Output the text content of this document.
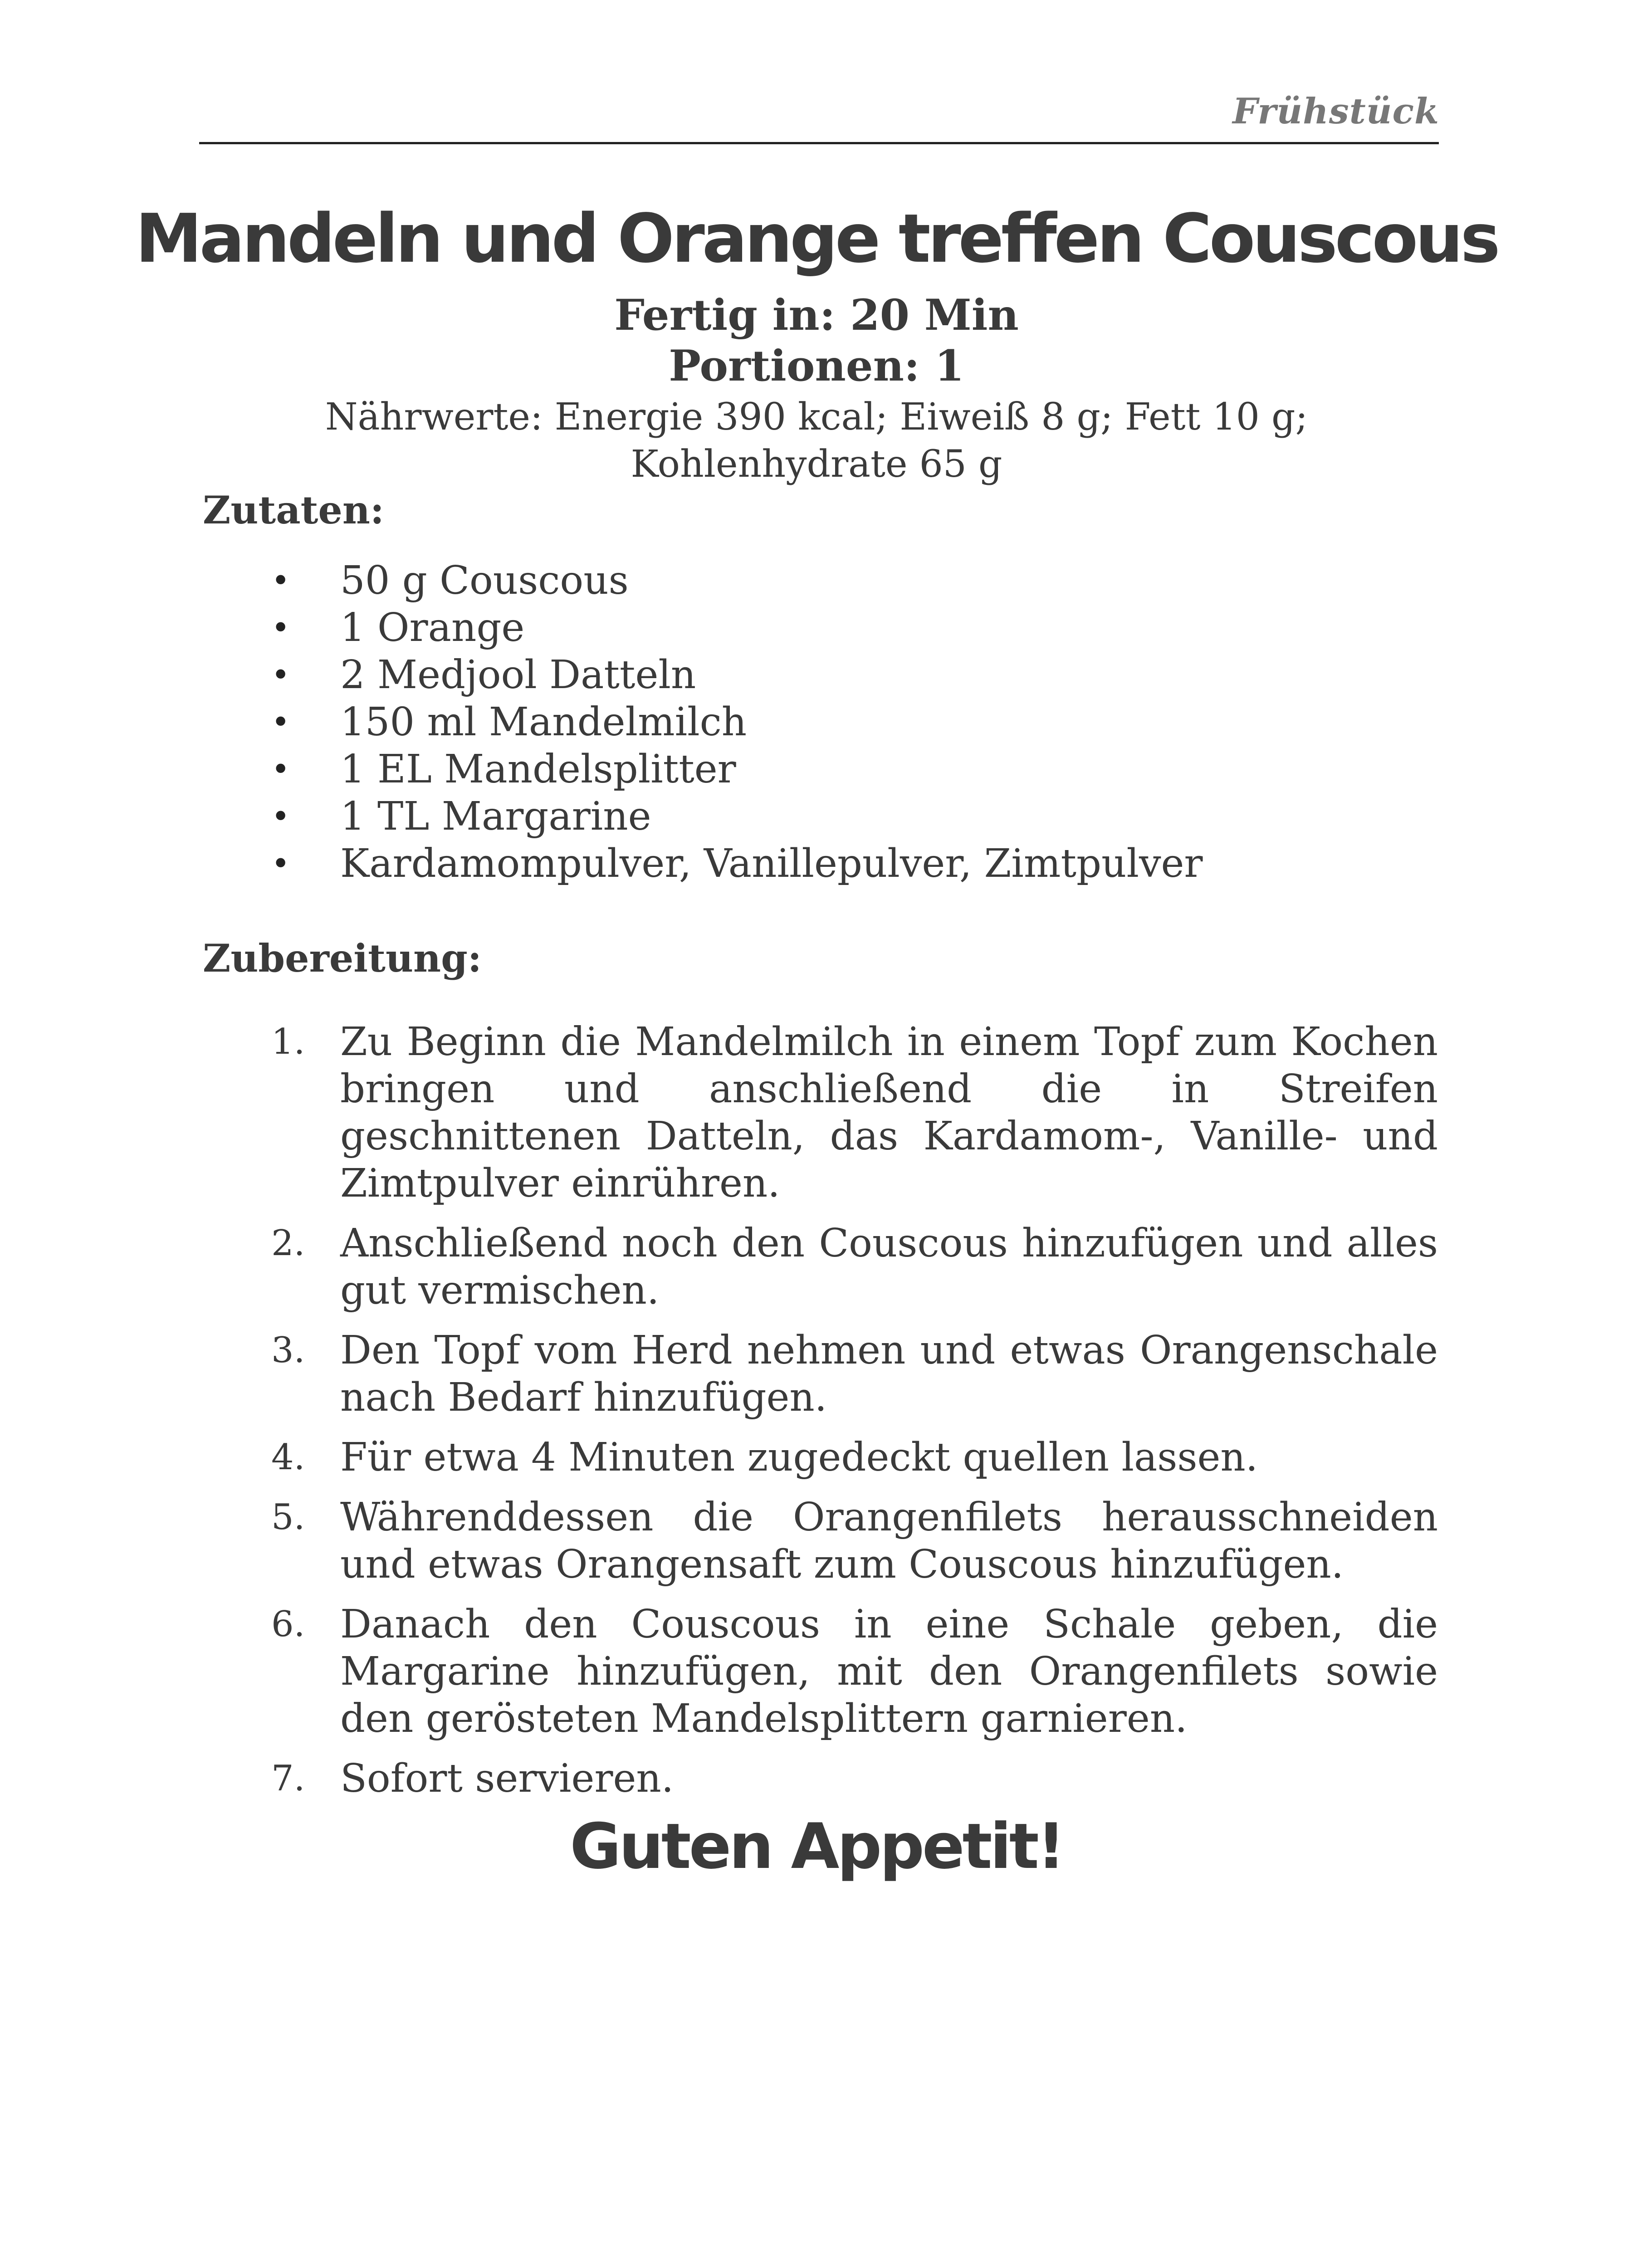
Frühstück
Mandeln und Orange treffen Couscous
Fertig in: 20 Min
Portionen: 1
Nährwerte: Energie 390 kcal; Eiweiß 8 g; Fett 10 g;
Kohlenhydrate 65 g
Zutaten:
• 50 g Couscous
• 1 Orange
• 2 Medjool Datteln
• 150 ml Mandelmilch
• 1 EL Mandelsplitter
• 1 TL Margarine
• Kardamompulver, Vanillepulver, Zimtpulver
Zubereitung:
1. Zu Beginn die Mandelmilch in einem Topf zum Kochen bringen und anschließend die in Streifen geschnittenen Datteln, das Kardamom-, Vanille- und Zimtpulver einrühren.
2. Anschließend noch den Couscous hinzufügen und alles gut vermischen.
3. Den Topf vom Herd nehmen und etwas Orangenschale nach Bedarf hinzufügen.
4. Für etwa 4 Minuten zugedeckt quellen lassen.
5. Währenddessen die Orangenfilets herausschneiden und etwas Orangensaft zum Couscous hinzufügen.
6. Danach den Couscous in eine Schale geben, die Margarine hinzufügen, mit den Orangenfilets sowie den gerösteten Mandelsplittern garnieren.
7. Sofort servieren.
Guten Appetit!
